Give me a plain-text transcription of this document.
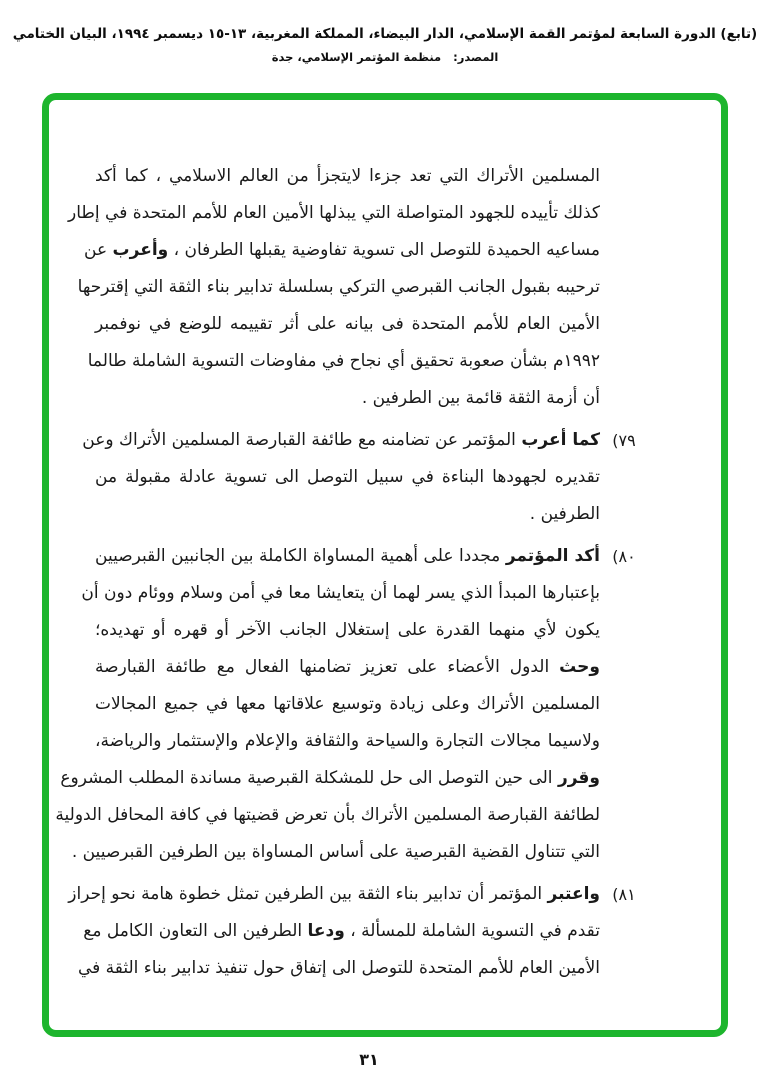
(تابع) الدورة السابعة لمؤتمر القمة الإسلامي، الدار البيضاء، المملكة المغربية، ١٣-١٥ ديسمبر ١٩٩٤، البيان الختامي
المصدر:
منظمة المؤتمر الإسلامي، جدة
المسلمين الأتراك التي تعد جزءا لايتجزأ من العالم الاسلامي ، كما أكد
كذلك تأييده للجهود المتواصلة التي يبذلها الأمين العام للأمم المتحدة في إطار
مساعيه الحميدة للتوصل الى تسوية تفاوضية يقبلها الطرفان ، وأعرب عن
ترحيبه بقبول الجانب القبرصي التركي بسلسلة تدابير بناء الثقة التي إقترحها
الأمين العام للأمم المتحدة فى بيانه على أثر تقييمه للوضع في نوفمبر
١٩٩٢م بشأن صعوبة تحقيق أي نجاح في مفاوضات التسوية الشاملة طالما
أن أزمة الثقة قائمة بين الطرفين .
٧٩)
كما أعرب المؤتمر عن تضامنه مع طائفة القبارصة المسلمين الأتراك وعن
تقديره لجهودها البناءة في سبيل التوصل الى تسوية عادلة مقبولة من
الطرفين .
٨٠)
أكد المؤتمر مجددا على أهمية المساواة الكاملة بين الجانبين القبرصيين
بإعتبارها المبدأ الذي يسر لهما أن يتعايشا معا في أمن وسلام ووئام دون أن
يكون لأي منهما القدرة على إستغلال الجانب الآخر أو قهره أو تهديده؛
وحث الدول الأعضاء على تعزيز تضامنها الفعال مع طائفة القبارصة
المسلمين الأتراك وعلى زيادة وتوسيع علاقاتها معها في جميع المجالات
ولاسيما مجالات التجارة والسياحة والثقافة والإعلام والإستثمار والرياضة،
وقرر الى حين التوصل الى حل للمشكلة القبرصية مساندة المطلب المشروع
لطائفة القبارصة المسلمين الأتراك بأن تعرض قضيتها في كافة المحافل الدولية
التي تتناول القضية القبرصية على أساس المساواة بين الطرفين القبرصيين .
٨١)
واعتبر المؤتمر أن تدابير بناء الثقة بين الطرفين تمثل خطوة هامة نحو إحراز
تقدم في التسوية الشاملة للمسألة ، ودعا الطرفين الى التعاون الكامل مع
الأمين العام للأمم المتحدة للتوصل الى إتفاق حول تنفيذ تدابير بناء الثقة في
٣١
